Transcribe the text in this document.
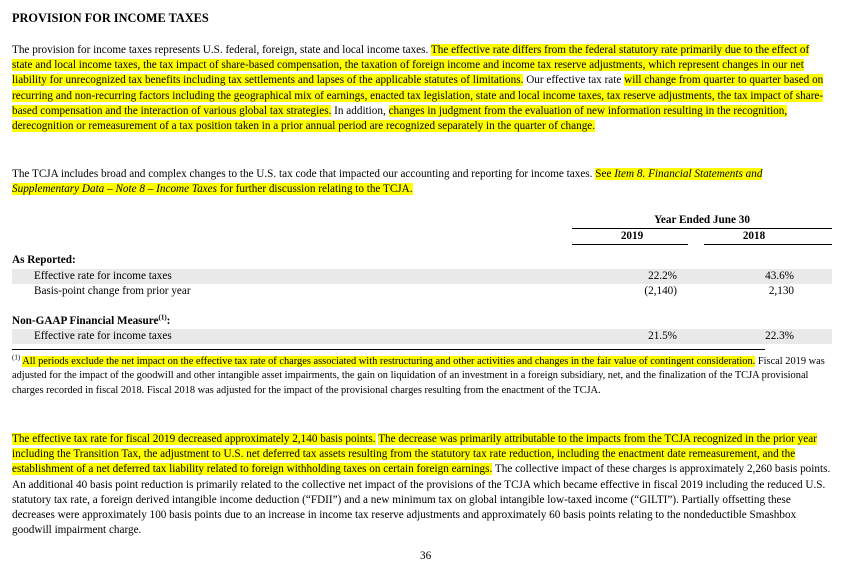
PROVISION FOR INCOME TAXES

The provision for income taxes represents U.S. federal, foreign, state and local income taxes. The effective rate differs from the federal statutory rate primarily due to the effect of state and local income taxes, the tax impact of share-based compensation, the taxation of foreign income and income tax reserve adjustments, which represent changes in our net liability for unrecognized tax benefits including tax settlements and lapses of the applicable statutes of limitations. Our effective tax rate will change from quarter to quarter based on recurring and non-recurring factors including the geographical mix of earnings, enacted tax legislation, state and local income taxes, tax reserve adjustments, the tax impact of share-based compensation and the interaction of various global tax strategies. In addition, changes in judgment from the evaluation of new information resulting in the recognition, derecognition or remeasurement of a tax position taken in a prior annual period are recognized separately in the quarter of change.

The TCJA includes broad and complex changes to the U.S. tax code that impacted our accounting and reporting for income taxes. See Item 8. Financial Statements and Supplementary Data – Note 8 – Income Taxes for further discussion relating to the TCJA.

Year Ended June 30
2019	2018
As Reported:
Effective rate for income taxes	22.2%	43.6%
Basis-point change from prior year	(2,140)	2,130
Non-GAAP Financial Measure$^{(1)}$:
Effective rate for income taxes	21.5%	22.3%

$^{(1)}$ All periods exclude the net impact on the effective tax rate of charges associated with restructuring and other activities and changes in the fair value of contingent consideration. Fiscal 2019 was adjusted for the impact of the goodwill and other intangible asset impairments, the gain on liquidation of an investment in a foreign subsidiary, net, and the finalization of the TCJA provisional charges recorded in fiscal 2018. Fiscal 2018 was adjusted for the impact of the provisional charges resulting from the enactment of the TCJA.

The effective tax rate for fiscal 2019 decreased approximately 2,140 basis points. The decrease was primarily attributable to the impacts from the TCJA recognized in the prior year including the Transition Tax, the adjustment to U.S. net deferred tax assets resulting from the statutory tax rate reduction, including the enactment date remeasurement, and the establishment of a net deferred tax liability related to foreign withholding taxes on certain foreign earnings. The collective impact of these charges is approximately 2,260 basis points. An additional 40 basis point reduction is primarily related to the collective net impact of the provisions of the TCJA which became effective in fiscal 2019 including the reduced U.S. statutory tax rate, a foreign derived intangible income deduction (“FDII”) and a new minimum tax on global intangible low-taxed income (“GILTI”). Partially offsetting these decreases were approximately 100 basis points due to an increase in income tax reserve adjustments and approximately 60 basis points relating to the nondeductible Smashbox goodwill impairment charge.

36
